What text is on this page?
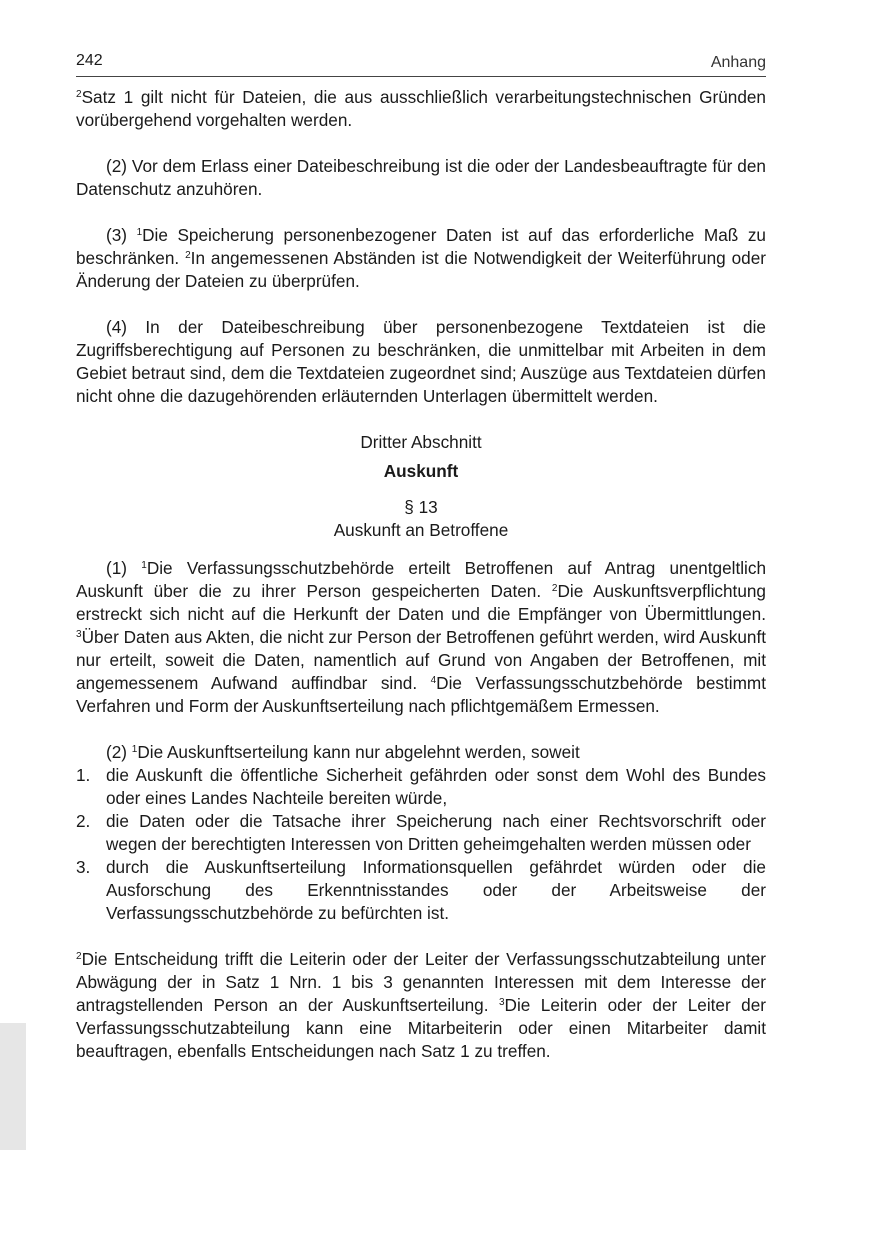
242	Anhang

$^2$Satz 1 gilt nicht für Dateien, die aus ausschließlich verarbeitungstechnischen Gründen vorübergehend vorgehalten werden.

(2) Vor dem Erlass einer Dateibeschreibung ist die oder der Landesbeauftragte für den Datenschutz anzuhören.

(3) $^1$Die Speicherung personenbezogener Daten ist auf das erforderliche Maß zu beschränken. $^2$In angemessenen Abständen ist die Notwendigkeit der Weiterführung oder Änderung der Dateien zu überprüfen.

(4) In der Dateibeschreibung über personenbezogene Textdateien ist die Zugriffsberechtigung auf Personen zu beschränken, die unmittelbar mit Arbeiten in dem Gebiet betraut sind, dem die Textdateien zugeordnet sind; Auszüge aus Textdateien dürfen nicht ohne die dazugehörenden erläuternden Unterlagen übermittelt werden.

Dritter Abschnitt

Auskunft

§ 13

Auskunft an Betroffene

(1) $^1$Die Verfassungsschutzbehörde erteilt Betroffenen auf Antrag unentgeltlich Auskunft über die zu ihrer Person gespeicherten Daten. $^2$Die Auskunftsverpflichtung erstreckt sich nicht auf die Herkunft der Daten und die Empfänger von Übermittlungen. $^3$Über Daten aus Akten, die nicht zur Person der Betroffenen geführt werden, wird Auskunft nur erteilt, soweit die Daten, namentlich auf Grund von Angaben der Betroffenen, mit angemessenem Aufwand auffindbar sind. $^4$Die Verfassungsschutzbehörde bestimmt Verfahren und Form der Auskunftserteilung nach pflichtgemäßem Ermessen.

(2) $^1$Die Auskunftserteilung kann nur abgelehnt werden, soweit

1. die Auskunft die öffentliche Sicherheit gefährden oder sonst dem Wohl des Bundes oder eines Landes Nachteile bereiten würde,
2. die Daten oder die Tatsache ihrer Speicherung nach einer Rechtsvorschrift oder wegen der berechtigten Interessen von Dritten geheimgehalten werden müssen oder
3. durch die Auskunftserteilung Informationsquellen gefährdet würden oder die Ausforschung des Erkenntnisstandes oder der Arbeitsweise der Verfassungsschutzbehörde zu befürchten ist.

$^2$Die Entscheidung trifft die Leiterin oder der Leiter der Verfassungsschutzabteilung unter Abwägung der in Satz 1 Nrn. 1 bis 3 genannten Interessen mit dem Interesse der antragstellenden Person an der Auskunftserteilung. $^3$Die Leiterin oder der Leiter der Verfassungsschutzabteilung kann eine Mitarbeiterin oder einen Mitarbeiter damit beauftragen, ebenfalls Entscheidungen nach Satz 1 zu treffen.
